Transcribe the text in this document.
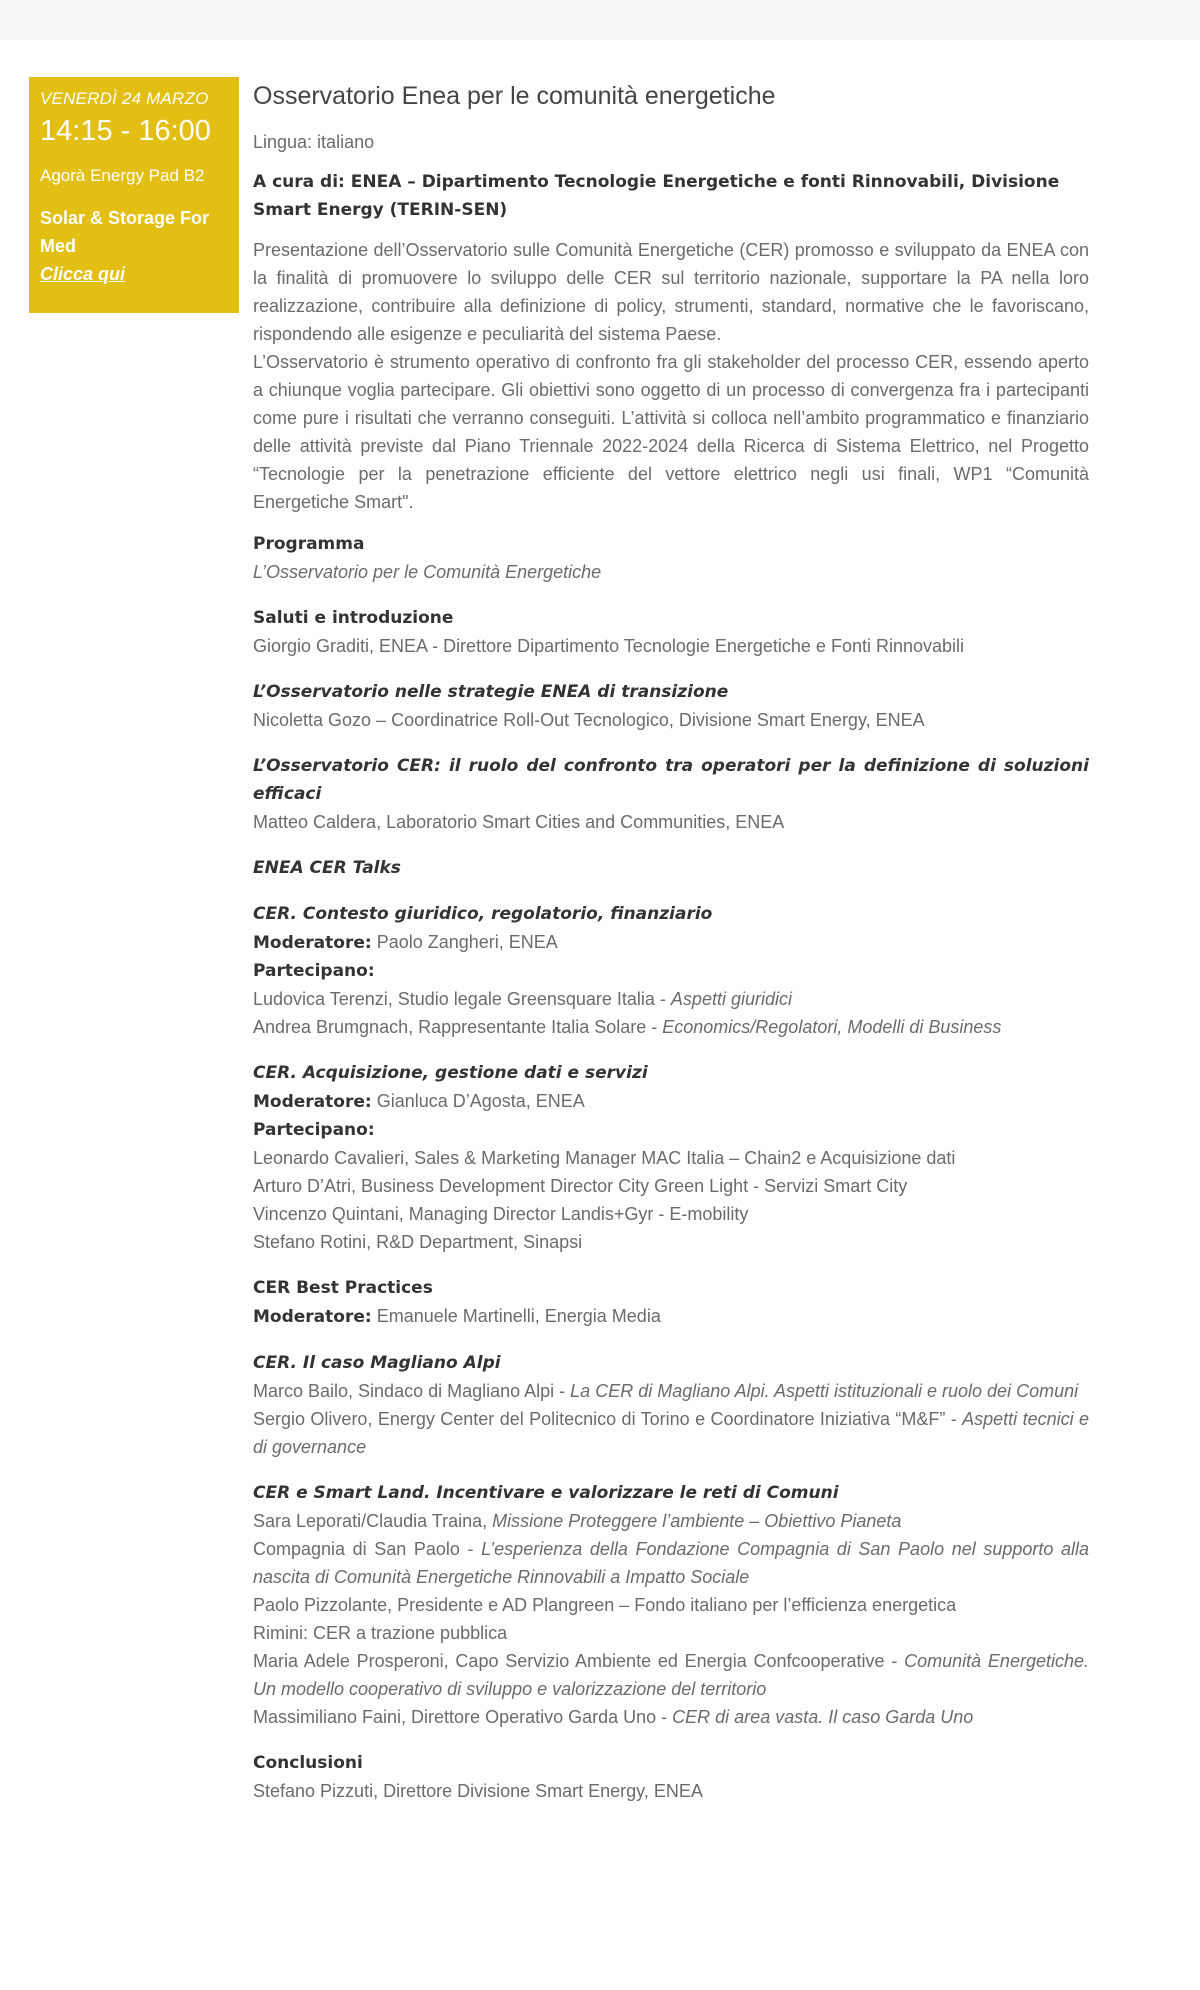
VENERDÌ 24 MARZO
14:15 - 16:00
Agorà Energy Pad B2
Solar & Storage For Med
Clicca qui
Osservatorio Enea per le comunità energetiche
Lingua: italiano
A cura di: ENEA – Dipartimento Tecnologie Energetiche e fonti Rinnovabili, Divisione Smart Energy (TERIN-SEN)
Presentazione dell’Osservatorio sulle Comunità Energetiche (CER) promosso e sviluppato da ENEA con la finalità di promuovere lo sviluppo delle CER sul territorio nazionale, supportare la PA nella loro realizzazione, contribuire alla definizione di policy, strumenti, standard, normative che le favoriscano, rispondendo alle esigenze e peculiarità del sistema Paese.
L’Osservatorio è strumento operativo di confronto fra gli stakeholder del processo CER, essendo aperto a chiunque voglia partecipare. Gli obiettivi sono oggetto di un processo di convergenza fra i partecipanti come pure i risultati che verranno conseguiti. L’attività si colloca nell’ambito programmatico e finanziario delle attività previste dal Piano Triennale 2022-2024 della Ricerca di Sistema Elettrico, nel Progetto “Tecnologie per la penetrazione efficiente del vettore elettrico negli usi finali, WP1 “Comunità Energetiche Smart".
Programma
L’Osservatorio per le Comunità Energetiche
Saluti e introduzione
Giorgio Graditi, ENEA - Direttore Dipartimento Tecnologie Energetiche e Fonti Rinnovabili
L’Osservatorio nelle strategie ENEA di transizione
Nicoletta Gozo – Coordinatrice Roll-Out Tecnologico, Divisione Smart Energy, ENEA
L’Osservatorio CER: il ruolo del confronto tra operatori per la definizione di soluzioni efficaci
Matteo Caldera, Laboratorio Smart Cities and Communities, ENEA
ENEA CER Talks
CER. Contesto giuridico, regolatorio, finanziario
Moderatore: Paolo Zangheri, ENEA
Partecipano:
Ludovica Terenzi, Studio legale Greensquare Italia - Aspetti giuridici
Andrea Brumgnach, Rappresentante Italia Solare - Economics/Regolatori, Modelli di Business
CER. Acquisizione, gestione dati e servizi
Moderatore: Gianluca D’Agosta, ENEA
Partecipano:
Leonardo Cavalieri, Sales & Marketing Manager MAC Italia – Chain2 e Acquisizione dati
Arturo D’Atri, Business Development Director City Green Light - Servizi Smart City
Vincenzo Quintani, Managing Director Landis+Gyr - E-mobility
Stefano Rotini, R&D Department, Sinapsi
CER Best Practices
Moderatore: Emanuele Martinelli, Energia Media
CER. Il caso Magliano Alpi
Marco Bailo, Sindaco di Magliano Alpi - La CER di Magliano Alpi. Aspetti istituzionali e ruolo dei Comuni
Sergio Olivero, Energy Center del Politecnico di Torino e Coordinatore Iniziativa “M&F” - Aspetti tecnici e di governance
CER e Smart Land. Incentivare e valorizzare le reti di Comuni
Sara Leporati/Claudia Traina, Missione Proteggere l’ambiente – Obiettivo Pianeta
Compagnia di San Paolo - L’esperienza della Fondazione Compagnia di San Paolo nel supporto alla nascita di Comunità Energetiche Rinnovabili a Impatto Sociale
Paolo Pizzolante, Presidente e AD Plangreen – Fondo italiano per l’efficienza energetica
Rimini: CER a trazione pubblica
Maria Adele Prosperoni, Capo Servizio Ambiente ed Energia Confcooperative - Comunità Energetiche. Un modello cooperativo di sviluppo e valorizzazione del territorio
Massimiliano Faini, Direttore Operativo Garda Uno - CER di area vasta. Il caso Garda Uno
Conclusioni
Stefano Pizzuti, Direttore Divisione Smart Energy, ENEA
